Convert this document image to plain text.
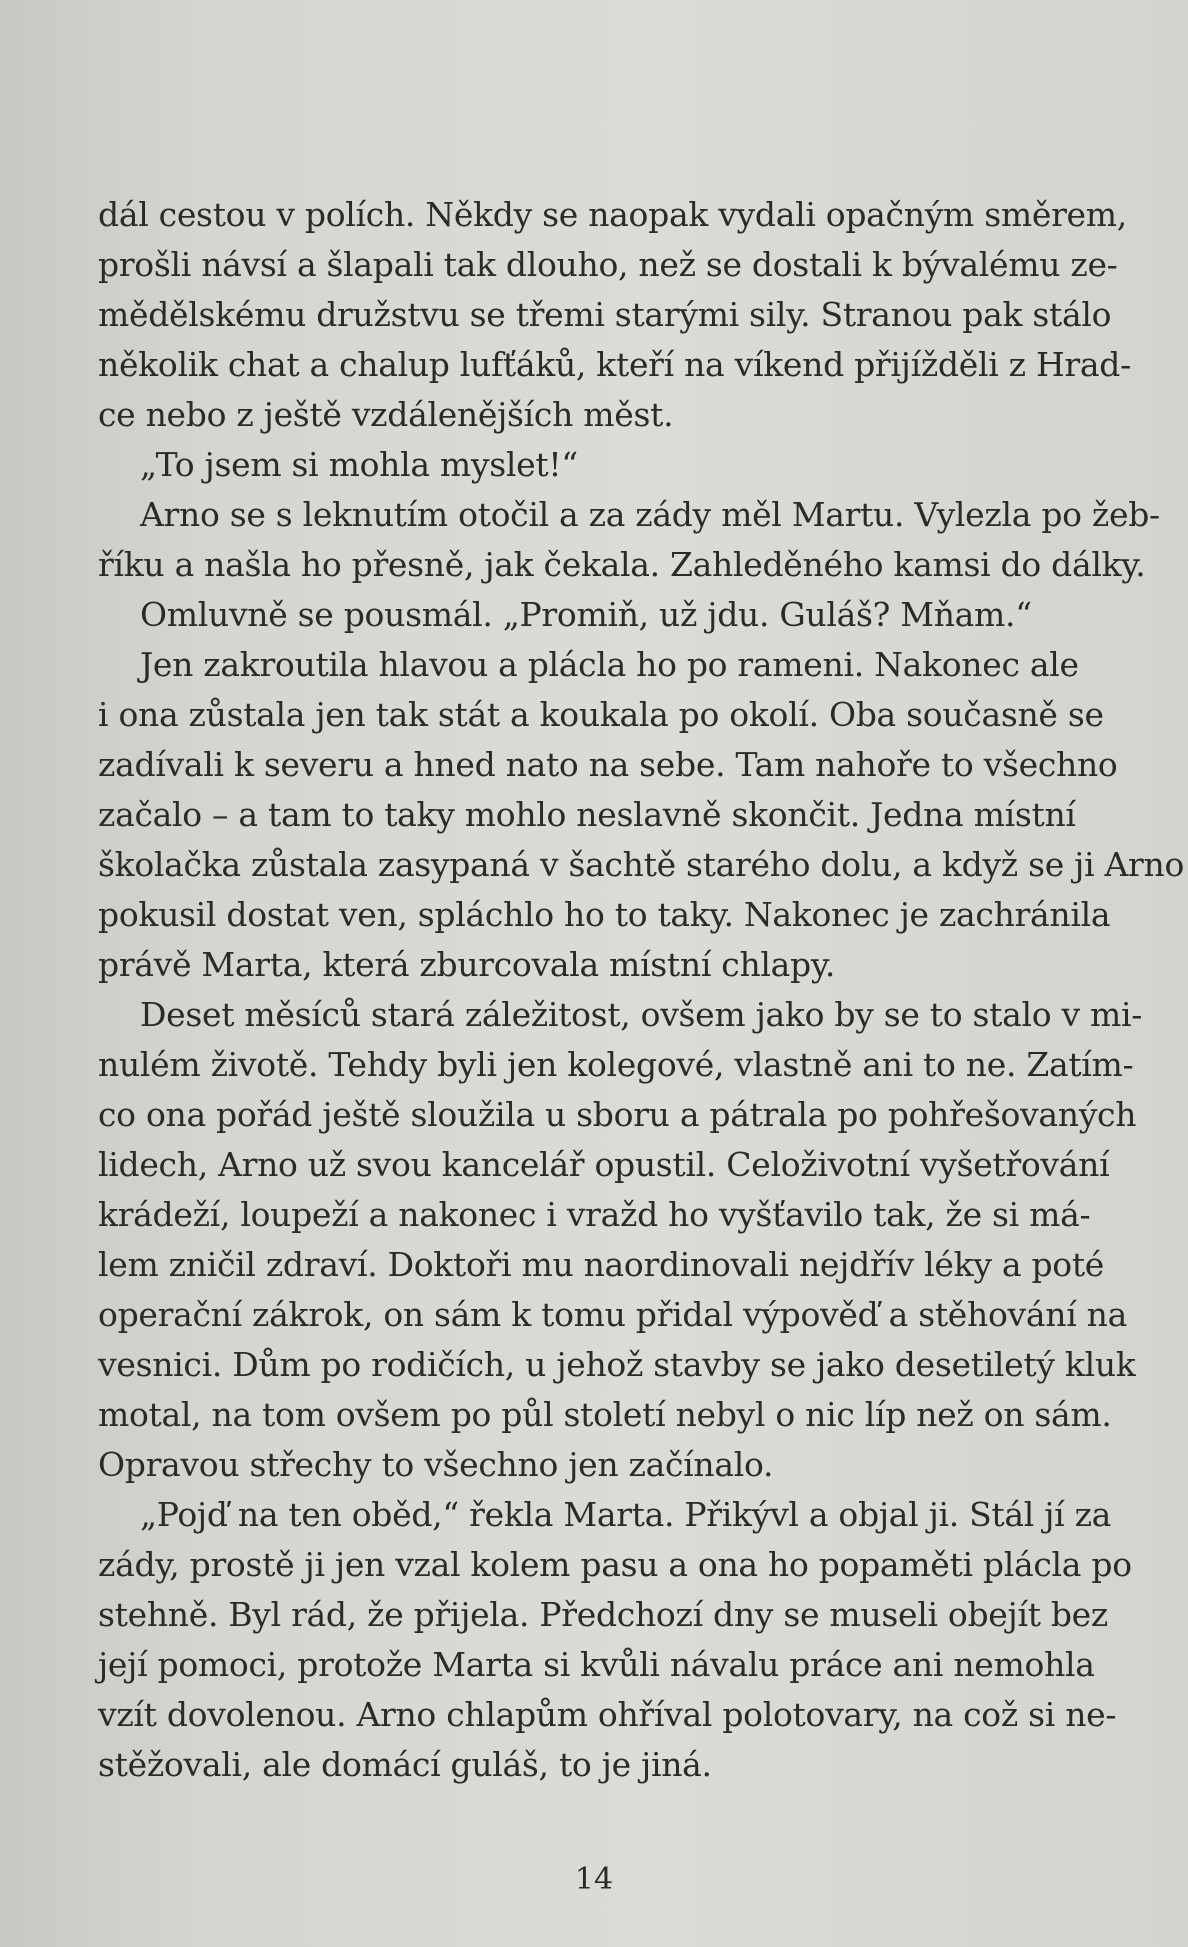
dál cestou v polích. Někdy se naopak vydali opačným směrem,
prošli návsí a šlapali tak dlouho, než se dostali k bývalému ze-
mědělskému družstvu se třemi starými sily. Stranou pak stálo
několik chat a chalup lufťáků, kteří na víkend přijížděli z Hrad-
ce nebo z ještě vzdálenějších měst.
„To jsem si mohla myslet!“
Arno se s leknutím otočil a za zády měl Martu. Vylezla po žeb-
říku a našla ho přesně, jak čekala. Zahleděného kamsi do dálky.
Omluvně se pousmál. „Promiň, už jdu. Guláš? Mňam.“
Jen zakroutila hlavou a plácla ho po rameni. Nakonec ale
i ona zůstala jen tak stát a koukala po okolí. Oba současně se
zadívali k severu a hned nato na sebe. Tam nahoře to všechno
začalo – a tam to taky mohlo neslavně skončit. Jedna místní
školačka zůstala zasypaná v šachtě starého dolu, a když se ji Arno
pokusil dostat ven, spláchlo ho to taky. Nakonec je zachránila
právě Marta, která zburcovala místní chlapy.
Deset měsíců stará záležitost, ovšem jako by se to stalo v mi-
nulém životě. Tehdy byli jen kolegové, vlastně ani to ne. Zatím-
co ona pořád ještě sloužila u sboru a pátrala po pohřešovaných
lidech, Arno už svou kancelář opustil. Celoživotní vyšetřování
krádeží, loupeží a nakonec i vražd ho vyšťavilo tak, že si má-
lem zničil zdraví. Doktoři mu naordinovali nejdřív léky a poté
operační zákrok, on sám k tomu přidal výpověď a stěhování na
vesnici. Dům po rodičích, u jehož stavby se jako desetiletý kluk
motal, na tom ovšem po půl století nebyl o nic líp než on sám.
Opravou střechy to všechno jen začínalo.
„Pojď na ten oběd,“ řekla Marta. Přikývl a objal ji. Stál jí za
zády, prostě ji jen vzal kolem pasu a ona ho popaměti plácla po
stehně. Byl rád, že přijela. Předchozí dny se museli obejít bez
její pomoci, protože Marta si kvůli návalu práce ani nemohla
vzít dovolenou. Arno chlapům ohříval polotovary, na což si ne-
stěžovali, ale domácí guláš, to je jiná.
14
